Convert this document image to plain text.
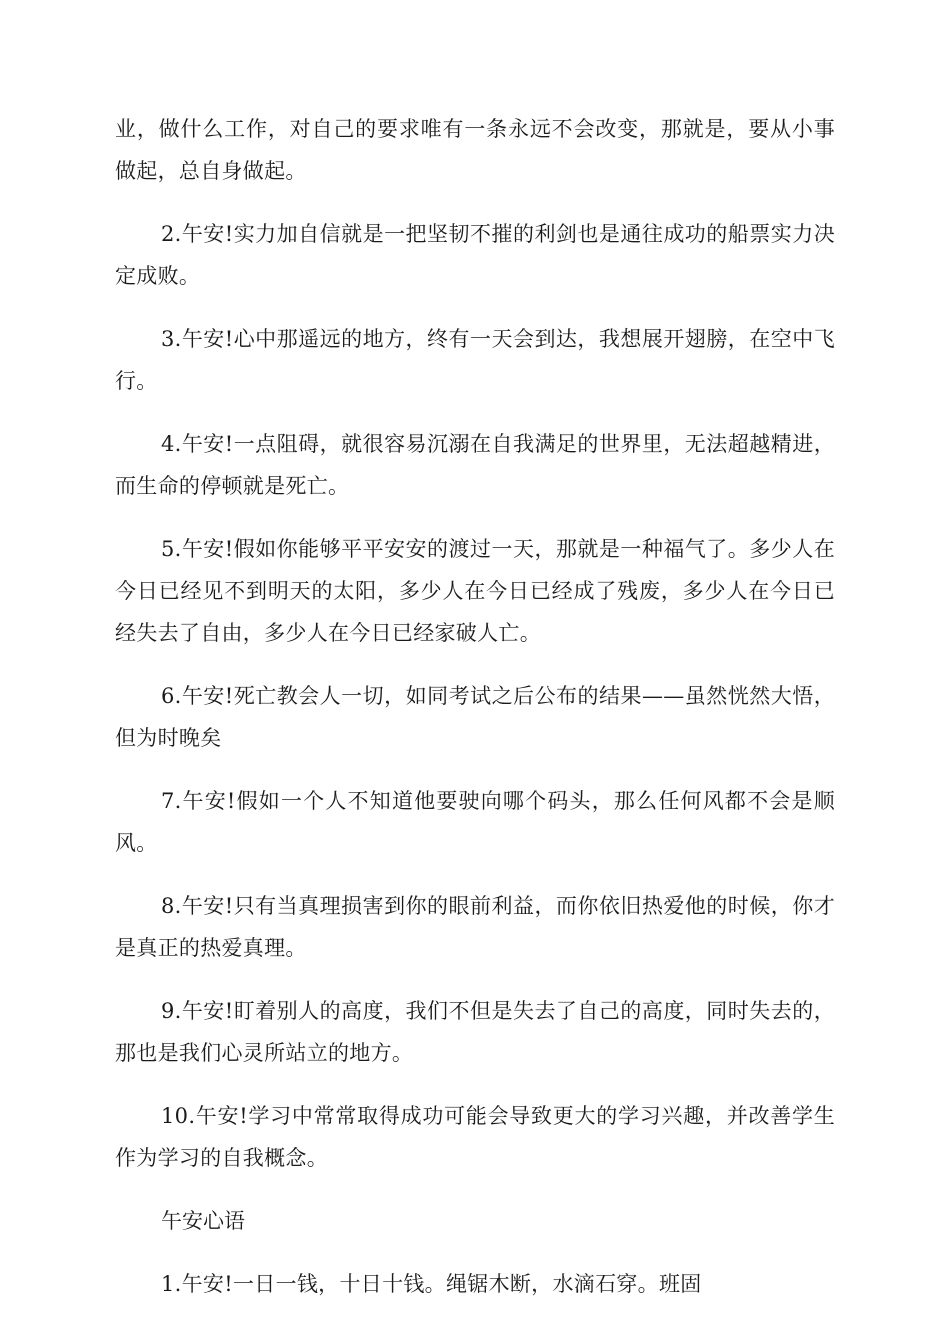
业，做什么工作，对自己的要求唯有一条永远不会改变，那就是，要从小事做起，总自身做起。

2.午安!实力加自信就是一把坚韧不摧的利剑也是通往成功的船票实力决定成败。

3.午安!心中那遥远的地方，终有一天会到达，我想展开翅膀，在空中飞行。

4.午安!一点阻碍，就很容易沉溺在自我满足的世界里，无法超越精进，而生命的停顿就是死亡。

5.午安!假如你能够平平安安的渡过一天，那就是一种福气了。多少人在今日已经见不到明天的太阳，多少人在今日已经成了残废，多少人在今日已经失去了自由，多少人在今日已经家破人亡。

6.午安!死亡教会人一切，如同考试之后公布的结果——虽然恍然大悟，但为时晚矣

7.午安!假如一个人不知道他要驶向哪个码头，那么任何风都不会是顺风。

8.午安!只有当真理损害到你的眼前利益，而你依旧热爱他的时候，你才是真正的热爱真理。

9.午安!盯着别人的高度，我们不但是失去了自己的高度，同时失去的，那也是我们心灵所站立的地方。

10.午安!学习中常常取得成功可能会导致更大的学习兴趣，并改善学生作为学习的自我概念。

午安心语

1.午安!一日一钱，十日十钱。绳锯木断，水滴石穿。班固
